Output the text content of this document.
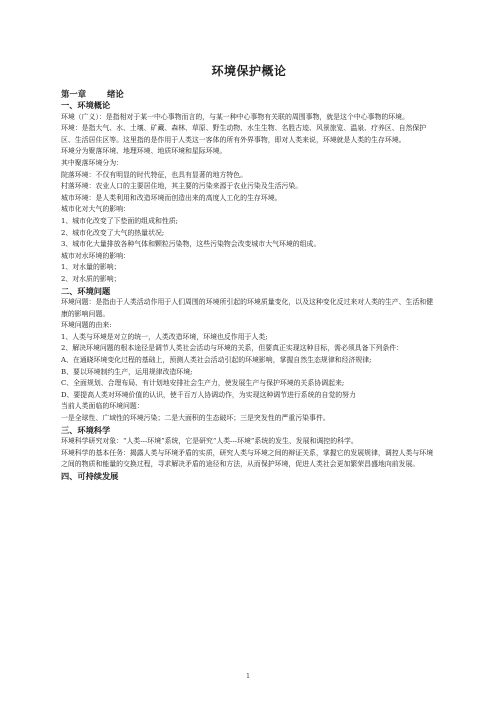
环境保护概论
第一章 绪论
一、环境概论

环境（广义）：是指相对于某一中心事物而言的，与某一种中心事物有关联的周围事物，就是这个中心事物的环境。

环境：是指大气、水、土壤、矿藏、森林、草原、野生动物、水生生物、名胜古迹、风景旅览、温泉、疗养区、自然保护区、生活居住区等。这里指的是作用于人类这一客体的所有外界事物，即对人类来说，环境就是人类的生存环境。

环境分为聚落环境、地理环境、地质环境和星际环境。

其中聚落环境分为：

院落环境：不仅有明显的时代特征，也具有显著的地方特色。

村落环境：农业人口的主要居住地，其主要的污染来源于农业污染及生活污染。

城市环境：是人类利用和改造环境而创造出来的高度人工化的生存环境。

城市化对大气的影响：

1、城市化改变了下垫面的组成和性质;

2、城市化改变了大气的热量状况;

3、城市化大量排放各种气体和颗粒污染物，这些污染物会改变城市大气环境的组成。

城市对水环境的影响：

1、对水量的影响；

2、对水质的影响；

二、环境问题

环境问题：是指由于人类活动作用于人们周围的环境所引起的环境质量变化，以及这种变化反过来对人类的生产、生活和健康的影响问题。

环境问题的由来:

1、人类与环境是对立的统一，人类改造环境，环境也反作用于人类;

2、解决环境问题的根本途径是调节人类社会活动与环境的关系，但要真正实现这种目标，需必须具备下列条件：

A、在通晓环境变化过程的基础上，预测人类社会活动引起的环境影响，掌握自然生态规律和经济规律;

B、要以环境制约生产，运用规律改造环境;

C、全面规划、合理布局、有计划地安排社会生产力，使发展生产与保护环境的关系协调起来;

D、要提高人类对环境价值的认识，使千百万人协调动作，为实现这种调节进行系统的自觉的努力

当前人类面临的环境问题：

一是全球性、广域性的环境污染；二是大面积的生态破坏；三是突发性的严重污染事件。

三、环境科学

环境科学研究对象：“人类---环境”系统，它是研究“人类---环境”系统的发生、发展和调控的科学。

环境科学的基本任务：揭露人类与环境矛盾的实质，研究人类与环境之间的辩证关系，掌握它的发展规律，调控人类与环境之间的物质和能量的交换过程，寻求解决矛盾的途径和方法，从而保护环境，促进人类社会更加繁荣昌盛地向前发展。

四、可持续发展
1
